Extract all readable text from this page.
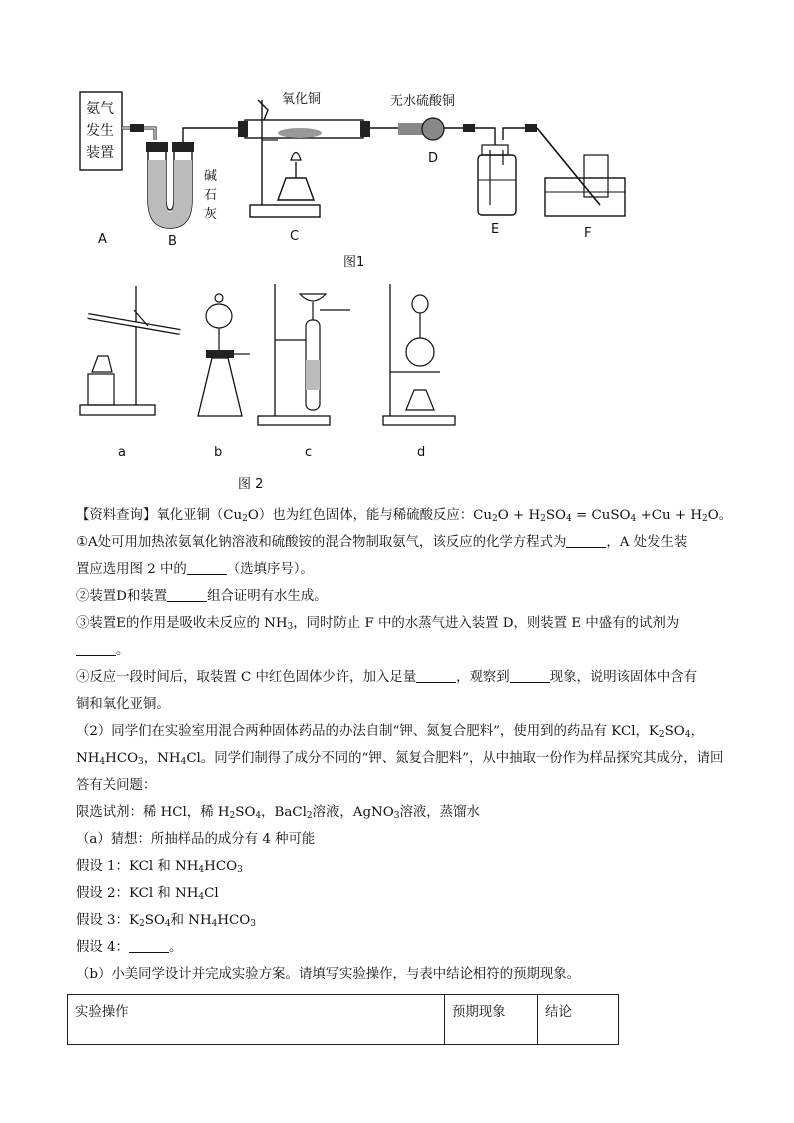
氨气
发生
装置
氧化铜	无水硫酸铜
碱
石
灰
A	B	C
D
E	F
图1
a	b	c	d
图 2
【资料查询】氧化亚铜$(Cu_2O)$也为红色固体，能与稀硫酸反应：$Cu_2O + H_2SO_4$ = CuSO$_4$ $+Cu + H_2O$。
①A处可用加热浓氨氧化钠溶液和硫酸铵的混合物制取氨气，该反应的化学方程式为	，A 处发生装
置应选用图 2 中的	（选填序号）。
②装置D和装置	组合证明有水生成。
③装置E的作用是吸收未反应的 $NH_3$，同时防止 F 中的水蒸气进入装置 D，则装置 E 中盛有的试剂为
。
④反应一段时间后，取装置 C 中红色固体少许，加入足量	，观察到	现象，说明该固体中含有
铜和氧化亚铜。
（2）同学们在实验室用混合两种固体药品的办法自制“钾、氮复合肥料”，使用到的药品有 KCl，$K_2SO_4$，
$NH_4HCO_3$，$NH_4Cl$。同学们制得了成分不同的“钾、氮复合肥料”，从中抽取一份作为样品探究其成分，请回
答有关问题：
限选试剂：稀 HCl，稀 $H_2SO_4$，BaCl$_2$溶液，AgNO$_3$溶液，蒸馏水
（a）猜想：所抽样品的成分有 4 种可能
假设 1：KCl 和 $NH_4HCO_3$
假设 2：KCl 和 $NH_4Cl$
假设 3：$K_2SO_4$和 $NH_4HCO_3$
假设 4：	。
（b）小美同学设计并完成实验方案。请填写实验操作，与表中结论相符的预期现象。
实验操作	预期现象	结论
